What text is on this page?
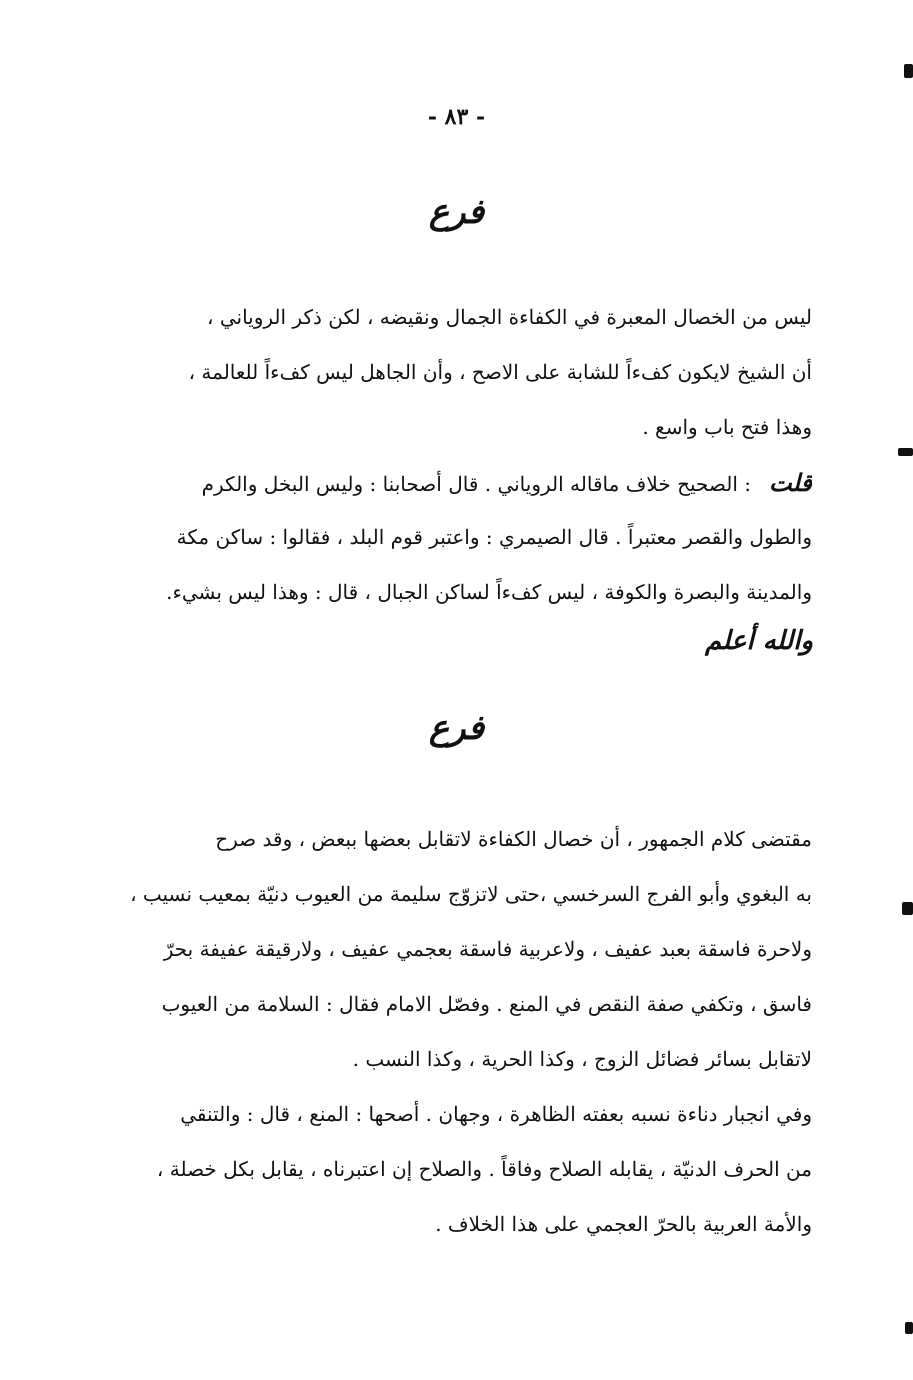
- ٨٣ -
فرع
ليس من الخصال المعبرة في الكفاءة الجمال ونقيضه ، لكن ذكر الروياني ،
أن الشيخ لايكون كفءاً للشابة على الاصح ، وأن الجاهل ليس كفءاً للعالمة ،
وهذا فتح باب واسع .
قلت: الصحيح خلاف ماقاله الروياني . قال أصحابنا : وليس البخل والكرم
والطول والقصر معتبراً . قال الصيمري : واعتبر قوم البلد ، فقالوا : ساكن مكة
والمدينة والبصرة والكوفة ، ليس كفءاً لساكن الجبال ، قال : وهذا ليس بشيء.
والله أعلم
فرع
مقتضى كلام الجمهور ، أن خصال الكفاءة لاتقابل بعضها ببعض ، وقد صرح
به البغوي وأبو الفرج السرخسي ،حتى لاتزوّج سليمة من العيوب دنيّة بمعيب نسيب ،
ولاحرة فاسقة بعبد عفيف ، ولاعربية فاسقة بعجمي عفيف ، ولارقيقة عفيفة بحرّ
فاسق ، وتكفي صفة النقص في المنع . وفصّل الامام فقال : السلامة من العيوب
لاتقابل بسائر فضائل الزوج ، وكذا الحرية ، وكذا النسب .
وفي انجبار دناءة نسبه بعفته الظاهرة ، وجهان . أصحها : المنع ، قال : والتنقي
من الحرف الدنيّة ، يقابله الصلاح وفاقاً . والصلاح إن اعتبرناه ، يقابل بكل خصلة ،
والأمة العربية بالحرّ العجمي على هذا الخلاف .
